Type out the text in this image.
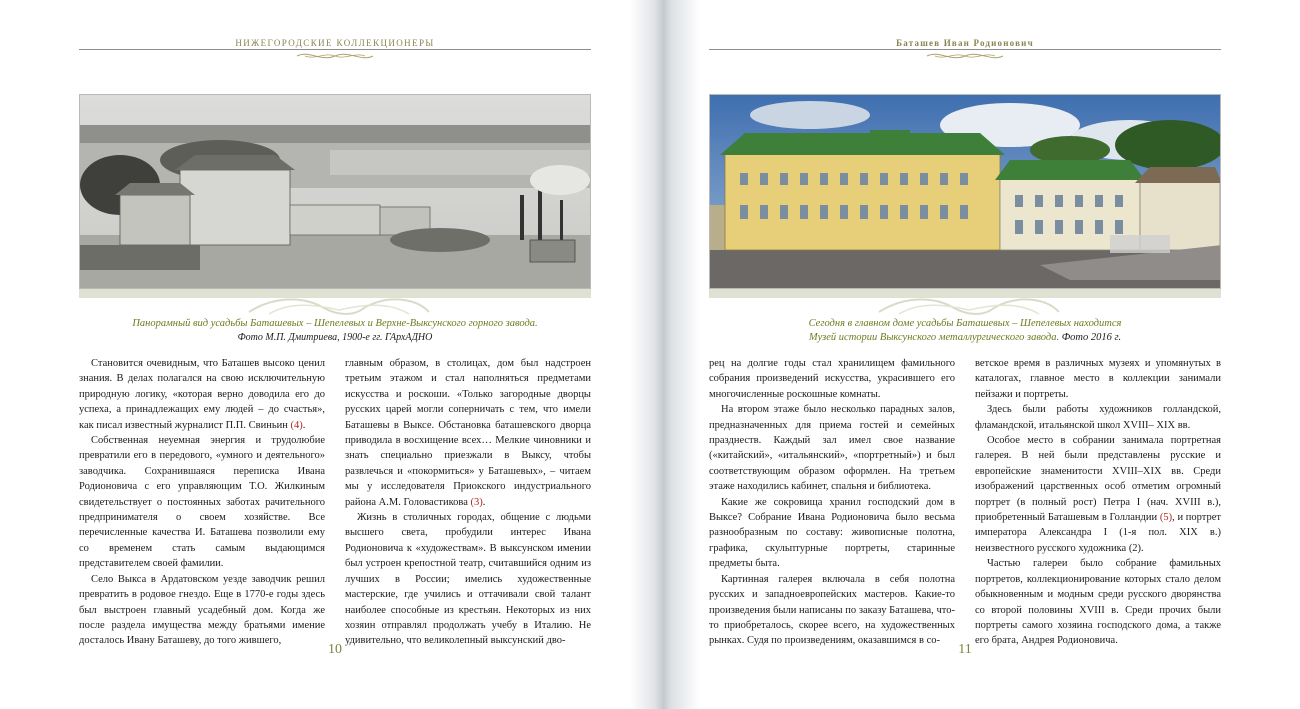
НИЖЕГОРОДСКИЕ КОЛЛЕКЦИОНЕРЫ
Панорамный вид усадьбы Баташевых – Шепелевых и Верхне-Выксунского горного завода.
Фото М.П. Дмитриева, 1900-е гг. ГАрхАДНО

Становится очевидным, что Баташев высоко ценил знания. В делах полагался на свою исключительную природную логику, «которая верно доводила его до успеха, а принадлежащих ему людей – до счастья», как писал известный журналист П.П. Свиньин (4).

Собственная неуемная энергия и трудолюбие превратили его в передового, «умного и деятельного» заводчика. Сохранившаяся переписка Ивана Родионовича с его управляющим Т.О. Жилкиным свидетельствует о постоянных заботах рачительного предпринимателя о своем хозяйстве. Все перечисленные качества И. Баташева позволили ему со временем стать самым выдающимся представителем своей фамилии.

Село Выкса в Ардатовском уезде заводчик решил превратить в родовое гнездо. Еще в 1770-е годы здесь был выстроен главный усадебный дом. Когда же после раздела имущества между братьями имение досталось Ивану Баташеву, до того жившего,

главным образом, в столицах, дом был надстроен третьим этажом и стал наполняться предметами искусства и роскоши. «Только загородные дворцы русских царей могли соперничать с тем, что имели Баташевы в Выксе. Обстановка баташевского дворца приводила в восхищение всех… Мелкие чиновники и знать специально приезжали в Выксу, чтобы развлечься и «покормиться» у Баташевых», – читаем мы у исследователя Приокского индустриального района А.М. Головастикова (3).

Жизнь в столичных городах, общение с людьми высшего света, пробудили интерес Ивана Родионовича к «художествам». В выксунском имении был устроен крепостной театр, считавшийся одним из лучших в России; имелись художественные мастерские, где учились и оттачивали свой талант наиболее способные из крестьян. Некоторых из них хозяин отправлял продолжать учебу в Италию. Не удивительно, что великолепный выксунский дво-

10
Баташев Иван Родионович
Сегодня в главном доме усадьбы Баташевых – Шепелевых находится
Музей истории Выксунского металлургического завода. Фото 2016 г.

рец на долгие годы стал хранилищем фамильного собрания произведений искусства, украсившего его многочисленные роскошные комнаты.

На втором этаже было несколько парадных залов, предназначенных для приема гостей и семейных празднеств. Каждый зал имел свое название («китайский», «итальянский», «портретный») и был соответствующим образом оформлен. На третьем этаже находились кабинет, спальня и библиотека.

Какие же сокровища хранил господский дом в Выксе? Собрание Ивана Родионовича было весьма разнообразным по составу: живописные полотна, графика, скульптурные портреты, старинные предметы быта.

Картинная галерея включала в себя полотна русских и западноевропейских мастеров. Какие-то произведения были написаны по заказу Баташева, что-то приобреталось, скорее всего, на художественных рынках. Судя по произведениям, оказавшимся в со-

ветское время в различных музеях и упомянутых в каталогах, главное место в коллекции занимали пейзажи и портреты.

Здесь были работы художников голландской, фламандской, итальянской школ XVIII– XIX вв.

Особое место в собрании занимала портретная галерея. В ней были представлены русские и европейские знаменитости XVIII–XIX вв. Среди изображений царственных особ отметим огромный портрет (в полный рост) Петра I (нач. XVIII в.), приобретенный Баташевым в Голландии (5), и портрет императора Александра I (1-я пол. XIX в.) неизвестного русского художника (2).

Частью галереи было собрание фамильных портретов, коллекционирование которых стало делом обыкновенным и модным среди русского дворянства со второй половины XVIII в. Среди прочих были портреты самого хозяина господского дома, а также его брата, Андрея Родионовича.

11
